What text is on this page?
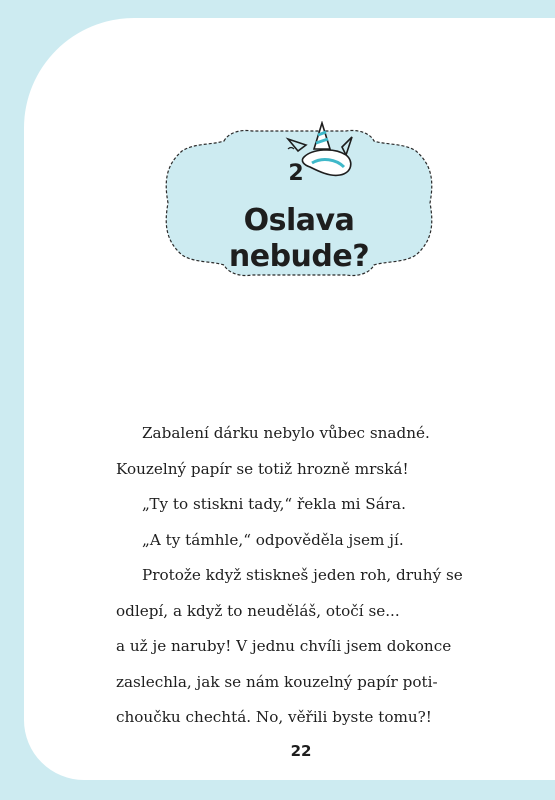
2
Oslava
nebude?

Zabalení dárku nebylo vůbec snadné.

Kouzelný papír se totiž hrozně mrská!

„Ty to stiskni tady,“ řekla mi Sára.

„A ty támhle,“ odpověděla jsem jí.

Protože když stiskneš jeden roh, druhý se

odlepí, a když to neuděláš, otočí se...

a už je naruby! V jednu chvíli jsem dokonce

zaslechla, jak se nám kouzelný papír poti-

choučku chechtá. No, věřili byste tomu?!

22
